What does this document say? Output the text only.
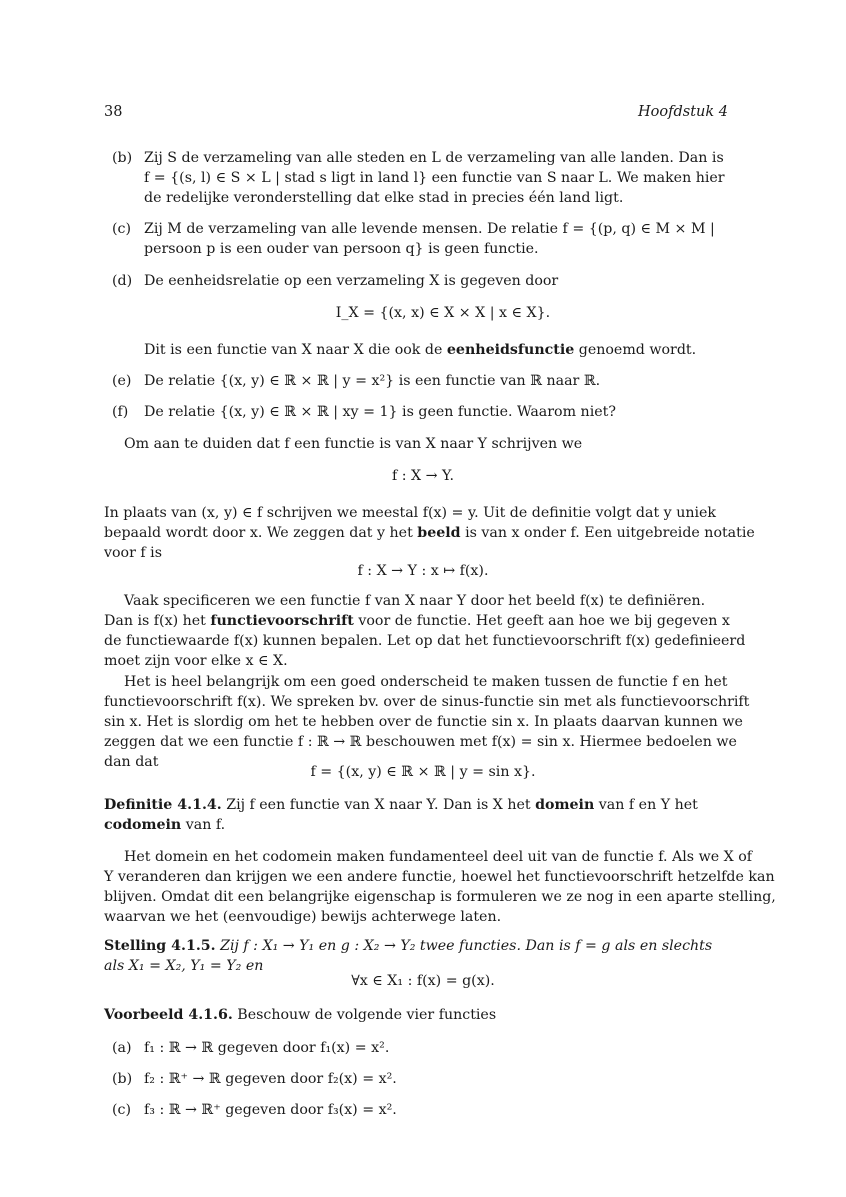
38	Hoofdstuk 4
(b) Zij S de verzameling van alle steden en L de verzameling van alle landen. Dan is
f = {(s, l) ∈ S × L | stad s ligt in land l} een functie van S naar L. We maken hier
de redelijke veronderstelling dat elke stad in precies één land ligt.
(c) Zij M de verzameling van alle levende mensen. De relatie f = {(p, q) ∈ M × M |
persoon p is een ouder van persoon q} is geen functie.
(d) De eenheidsrelatie op een verzameling X is gegeven door
I_X = {(x, x) ∈ X × X | x ∈ X}.
Dit is een functie van X naar X die ook de eenheidsfunctie genoemd wordt.
(e) De relatie {(x, y) ∈ ℝ × ℝ | y = x²} is een functie van ℝ naar ℝ.
(f) De relatie {(x, y) ∈ ℝ × ℝ | xy = 1} is geen functie. Waarom niet?
Om aan te duiden dat f een functie is van X naar Y schrijven we
f : X → Y.
In plaats van (x, y) ∈ f schrijven we meestal f(x) = y. Uit de definitie volgt dat y uniek
bepaald wordt door x. We zeggen dat y het beeld is van x onder f. Een uitgebreide notatie
voor f is
f : X → Y : x ↦ f(x).
Vaak specificeren we een functie f van X naar Y door het beeld f(x) te definiëren.
Dan is f(x) het functievoorschrift voor de functie. Het geeft aan hoe we bij gegeven x
de functiewaarde f(x) kunnen bepalen. Let op dat het functievoorschrift f(x) gedefinieerd
moet zijn voor elke x ∈ X.
Het is heel belangrijk om een goed onderscheid te maken tussen de functie f en het
functievoorschrift f(x). We spreken bv. over de sinus-functie sin met als functievoorschrift
sin x. Het is slordig om het te hebben over de functie sin x. In plaats daarvan kunnen we
zeggen dat we een functie f : ℝ → ℝ beschouwen met f(x) = sin x. Hiermee bedoelen we
dan dat
f = {(x, y) ∈ ℝ × ℝ | y = sin x}.
Definitie 4.1.4. Zij f een functie van X naar Y. Dan is X het domein van f en Y het
codomein van f.
Het domein en het codomein maken fundamenteel deel uit van de functie f. Als we X of
Y veranderen dan krijgen we een andere functie, hoewel het functievoorschrift hetzelfde kan
blijven. Omdat dit een belangrijke eigenschap is formuleren we ze nog in een aparte stelling,
waarvan we het (eenvoudige) bewijs achterwege laten.
Stelling 4.1.5. Zij f : X₁ → Y₁ en g : X₂ → Y₂ twee functies. Dan is f = g als en slechts
als X₁ = X₂, Y₁ = Y₂ en
∀x ∈ X₁ : f(x) = g(x).
Voorbeeld 4.1.6. Beschouw de volgende vier functies
(a) f₁ : ℝ → ℝ gegeven door f₁(x) = x².
(b) f₂ : ℝ⁺ → ℝ gegeven door f₂(x) = x².
(c) f₃ : ℝ → ℝ⁺ gegeven door f₃(x) = x².
